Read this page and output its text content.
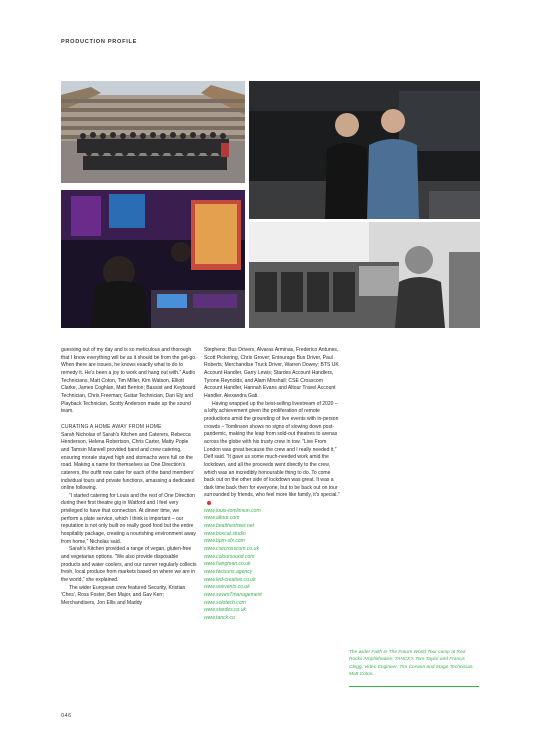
PRODUCTION PROFILE

guessing out of my day and is so meticulous and thorough that I know everything will be as it should be from the get-go. When there are issues, he knows exactly what to do to remedy it. He's been a joy to work and hang out with.” Audio Technicians, Matt Coton, Tim Miller, Kim Watson, Elliott Clarke, James Coghlan, Matt Benton; Bassist and Keyboard Technician, Chris Freeman; Guitar Technician, Dan Ely and Playback Technician, Scotty Anderson made up the sound team.

CURATING A HOME AWAY FROM HOME

Sarah Nicholas of Sarah's Kitchen and Caterers, Rebecca Henderson, Helena Robertson, Chris Carter, Matty Pople and Tamsin Manvell provided band and crew catering, ensuring morale stayed high and stomachs were full on the road. Making a name for themselves as One Direction's caterers, the outfit now cater for each of the band members' individual tours and private functions, amassing a dedicated online following.

“I started catering for Louis and the rest of One Direction during their first theatre gig in Watford and I feel very privileged to have that connection. At dinner time, we perform a plate service, which I think is important – our reputation is not only built on really good food but the entire hospitality package, creating a nourishing environment away from home,” Nicholas said.

Sarah's Kitchen provided a range of vegan, gluten-free and vegetarian options. “We also provide disposable products and water coolers, and our runner regularly collects fresh, local produce from markets based on where we are in the world,” she explained.

The wider European crew featured Security, Kristian 'Ches', Ross Foster, Ben Major, and Gav Kerr; Merchandisers, Jon Ellis and Maddy

Stephens; Bus Drivers, Alvaras Arminas, Frederico Antunes, Scott Pickering, Chris Grover; Entourage Bus Driver, Paul Roberts; Merchandise Truck Driver, Warren Dowey; BTS UK Account Handler, Garry Lewis; Stardes Account Handlers, Tyrone Reynolds, and Alam Minshall; CSE Crosscom Account Handler, Hannah Evans and Altour Travel Account Handler, Alexandra Gati.

Having wrapped up the best-selling livestream of 2020 – a lofty achievement given the proliferation of remote productions amid the grounding of live events with in-person crowds – Tomlinson shows no signs of slowing down post-pandemic, making the leap from sold-out theatres to arenas across the globe with his trusty crew in tow. “Live From London was great because the crew and I really needed it,” Delf said. “It gave us some much-needed work amid the lockdown, and all the proceeds went directly to the crew, which was an incredibly honourable thing to do. To come back out on the other side of lockdown was great. It was a dark time back then for everyone, but to be back out on tour surrounded by friends, who feel more like family, it's special.”

www.louis-tomlinson.com
www.altour.com
www.beatthestreet.net
www.boxcat.studio
www.bpm-sfx.com
www.csecrosscom.co.uk
www.coloursound.com
www.hangman.co.uk
www.twosuns.agency
www.led-creative.co.uk
www.ovevents.co.uk
www.seven7management
www.solotech.com
www.stardes.co.uk
www.tanck.co
The wider Faith In The Future World Tour camp at Red Rocks Amphitheatre; TANCK's Tom Taylor and Francis Clegg, Video Engineer, Tim Corwen and Stage Technician, Matt Coton.
046
